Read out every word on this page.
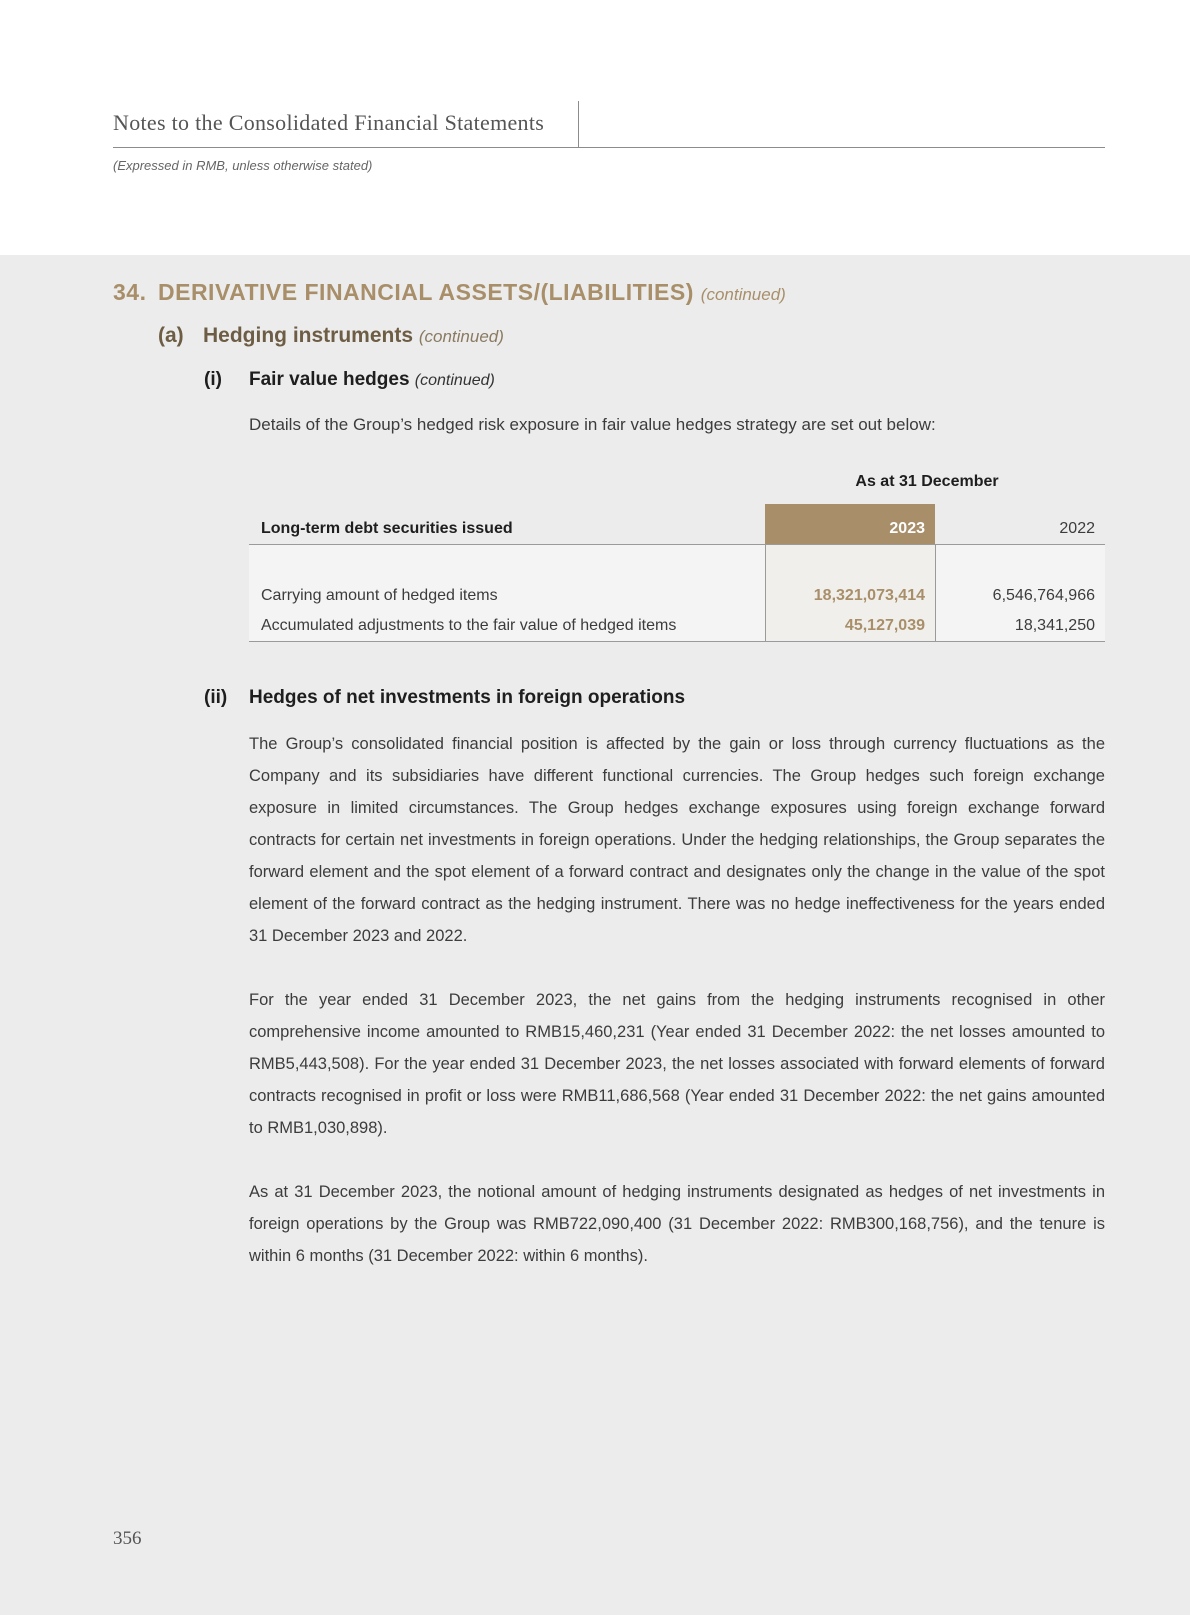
Notes to the Consolidated Financial Statements
(Expressed in RMB, unless otherwise stated)
34. DERIVATIVE FINANCIAL ASSETS/(LIABILITIES) (continued)
(a) Hedging instruments (continued)
(i) Fair value hedges (continued)
Details of the Group’s hedged risk exposure in fair value hedges strategy are set out below:
As at 31 December
Long-term debt securities issued	2023	2022
Carrying amount of hedged items	18,321,073,414	6,546,764,966
Accumulated adjustments to the fair value of hedged items	45,127,039	18,341,250
(ii) Hedges of net investments in foreign operations
The Group’s consolidated financial position is affected by the gain or loss through currency fluctuations as the Company and its subsidiaries have different functional currencies. The Group hedges such foreign exchange exposure in limited circumstances. The Group hedges exchange exposures using foreign exchange forward contracts for certain net investments in foreign operations. Under the hedging relationships, the Group separates the forward element and the spot element of a forward contract and designates only the change in the value of the spot element of the forward contract as the hedging instrument. There was no hedge ineffectiveness for the years ended 31 December 2023 and 2022.
For the year ended 31 December 2023, the net gains from the hedging instruments recognised in other comprehensive income amounted to RMB15,460,231 (Year ended 31 December 2022: the net losses amounted to RMB5,443,508). For the year ended 31 December 2023, the net losses associated with forward elements of forward contracts recognised in profit or loss were RMB11,686,568 (Year ended 31 December 2022: the net gains amounted to RMB1,030,898).
As at 31 December 2023, the notional amount of hedging instruments designated as hedges of net investments in foreign operations by the Group was RMB722,090,400 (31 December 2022: RMB300,168,756), and the tenure is within 6 months (31 December 2022: within 6 months).
356
